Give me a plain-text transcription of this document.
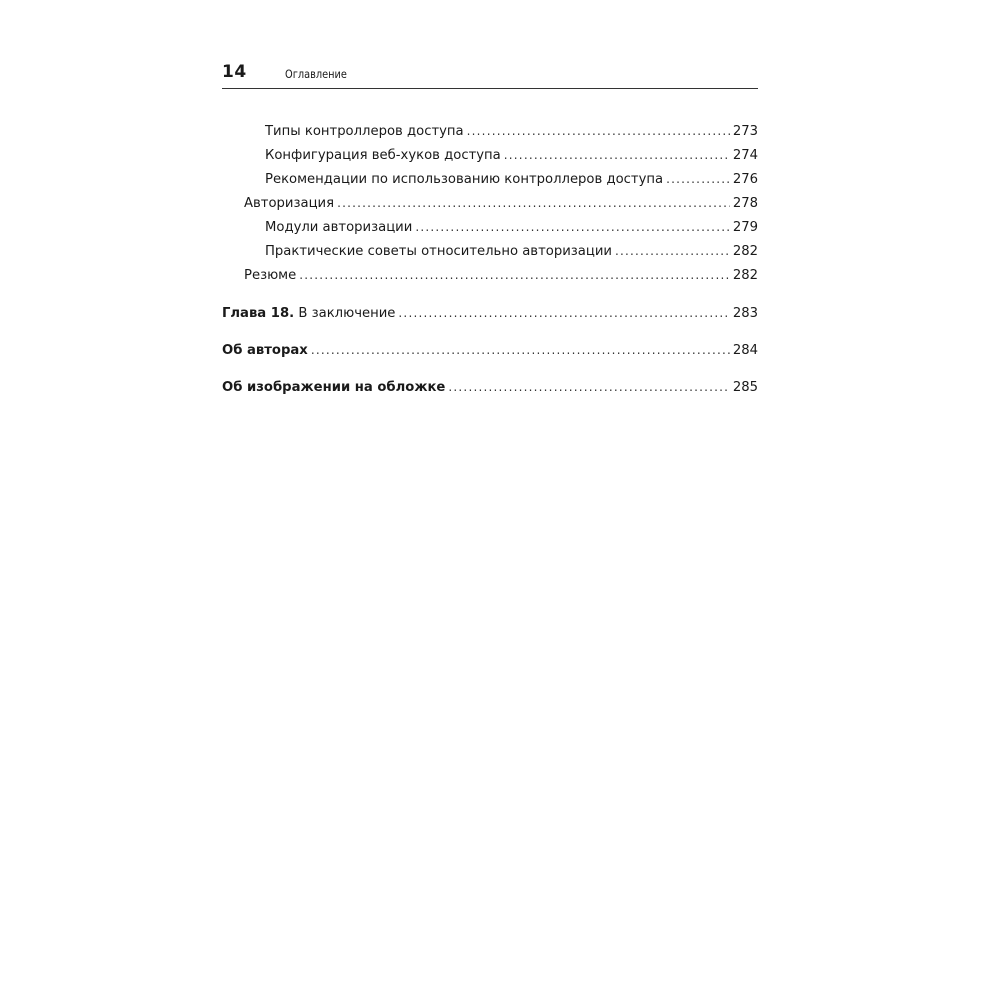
14	Оглавление
Типы контроллеров доступа .....	273
Конфигурация веб-хуков доступа .....	274
Рекомендации по использованию контроллеров доступа .....	276
Авторизация .....	278
Модули авторизации .....	279
Практические советы относительно авторизации .....	282
Резюме .....	282
Глава 18. В заключение .....	283
Об авторах .....	284
Об изображении на обложке .....	285
